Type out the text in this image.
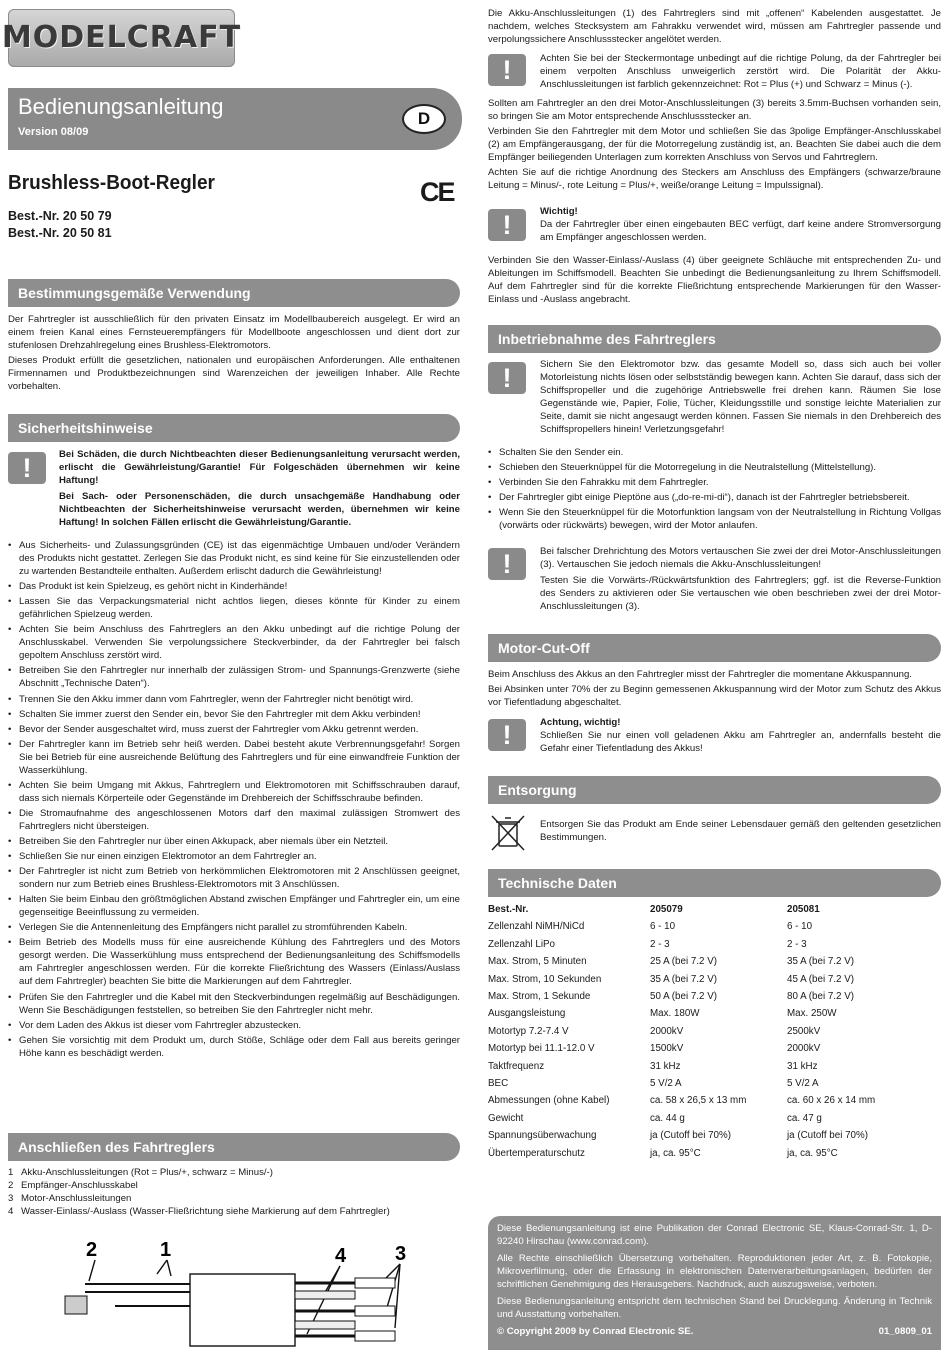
MODELCRAFT
Bedienungsanleitung
Version 08/09
D
Brushless-Boot-Regler
Best.-Nr. 20 50 79
Best.-Nr. 20 50 81
CE
Bestimmungsgemäße Verwendung

Der Fahrtregler ist ausschließlich für den privaten Einsatz im Modellbaubereich ausgelegt. Er wird an einem freien Kanal eines Fernsteuerempfängers für Modellboote angeschlossen und dient dort zur stufenlosen Drehzahlregelung eines Brushless-Elektromotors.

Dieses Produkt erfüllt die gesetzlichen, nationalen und europäischen Anforderungen. Alle enthaltenen Firmennamen und Produktbezeichnungen sind Warenzeichen der jeweiligen Inhaber. Alle Rechte vorbehalten.

Sicherheitshinweise
!	Bei Schäden, die durch Nichtbeachten dieser Bedienungsanleitung verursacht werden, erlischt die Gewährleistung/Garantie! Für Folgeschäden übernehmen wir keine Haftung!

Bei Sach- oder Personenschäden, die durch unsachgemäße Handhabung oder Nichtbeachten der Sicherheitshinweise verursacht werden, übernehmen wir keine Haftung! In solchen Fällen erlischt die Gewährleistung/Garantie.

• Aus Sicherheits- und Zulassungsgründen (CE) ist das eigenmächtige Umbauen und/oder Verändern des Produkts nicht gestattet. Zerlegen Sie das Produkt nicht, es sind keine für Sie einzustellenden oder zu wartenden Bestandteile enthalten. Außerdem erlischt dadurch die Gewährleistung!
• Das Produkt ist kein Spielzeug, es gehört nicht in Kinderhände!
• Lassen Sie das Verpackungsmaterial nicht achtlos liegen, dieses könnte für Kinder zu einem gefährlichen Spielzeug werden.
• Achten Sie beim Anschluss des Fahrtreglers an den Akku unbedingt auf die richtige Polung der Anschlusskabel. Verwenden Sie verpolungssichere Steckverbinder, da der Fahrtregler bei falsch gepoltem Anschluss zerstört wird.
• Betreiben Sie den Fahrtregler nur innerhalb der zulässigen Strom- und Spannungs-Grenzwerte (siehe Abschnitt „Technische Daten“).
• Trennen Sie den Akku immer dann vom Fahrtregler, wenn der Fahrtregler nicht benötigt wird.
• Schalten Sie immer zuerst den Sender ein, bevor Sie den Fahrtregler mit dem Akku verbinden!
• Bevor der Sender ausgeschaltet wird, muss zuerst der Fahrtregler vom Akku getrennt werden.
• Der Fahrtregler kann im Betrieb sehr heiß werden. Dabei besteht akute Verbrennungsgefahr! Sorgen Sie bei Betrieb für eine ausreichende Belüftung des Fahrtreglers und für eine einwandfreie Funktion der Wasserkühlung.
• Achten Sie beim Umgang mit Akkus, Fahrtreglern und Elektromotoren mit Schiffsschrauben darauf, dass sich niemals Körperteile oder Gegenstände im Drehbereich der Schiffsschraube befinden.
• Die Stromaufnahme des angeschlossenen Motors darf den maximal zulässigen Stromwert des Fahrtreglers nicht übersteigen.
• Betreiben Sie den Fahrtregler nur über einen Akkupack, aber niemals über ein Netzteil.
• Schließen Sie nur einen einzigen Elektromotor an dem Fahrtregler an.
• Der Fahrtregler ist nicht zum Betrieb von herkömmlichen Elektromotoren mit 2 Anschlüssen geeignet, sondern nur zum Betrieb eines Brushless-Elektromotors mit 3 Anschlüssen.
• Halten Sie beim Einbau den größtmöglichen Abstand zwischen Empfänger und Fahrtregler ein, um eine gegenseitige Beeinflussung zu vermeiden.
• Verlegen Sie die Antennenleitung des Empfängers nicht parallel zu stromführenden Kabeln.
• Beim Betrieb des Modells muss für eine ausreichende Kühlung des Fahrtreglers und des Motors gesorgt werden. Die Wasserkühlung muss entsprechend der Bedienungsanleitung des Schiffsmodells am Fahrtregler angeschlossen werden. Für die korrekte Fließrichtung des Wassers (Einlass/Auslass auf dem Fahrtregler) beachten Sie bitte die Markierungen auf dem Fahrtregler.
• Prüfen Sie den Fahrtregler und die Kabel mit den Steckverbindungen regelmäßig auf Beschädigungen. Wenn Sie Beschädigungen feststellen, so betreiben Sie den Fahrtregler nicht mehr.
• Vor dem Laden des Akkus ist dieser vom Fahrtregler abzustecken.
• Gehen Sie vorsichtig mit dem Produkt um, durch Stöße, Schläge oder dem Fall aus bereits geringer Höhe kann es beschädigt werden.
Anschließen des Fahrtreglers
1 Akku-Anschlussleitungen (Rot = Plus/+, schwarz = Minus/-)
2 Empfänger-Anschlusskabel
3 Motor-Anschlussleitungen
4 Wasser-Einlass/-Auslass (Wasser-Fließrichtung siehe Markierung auf dem Fahrtregler)
2	1	4 3
Die Akku-Anschlussleitungen (1) des Fahrtreglers sind mit „offenen“ Kabelenden ausgestattet. Je nachdem, welches Stecksystem am Fahrakku verwendet wird, müssen am Fahrtregler passende und verpolungssichere Anschlussstecker angelötet werden.
!	Achten Sie bei der Steckermontage unbedingt auf die richtige Polung, da der Fahrtregler bei einem verpolten Anschluss unweigerlich zerstört wird. Die Polarität der Akku-Anschlussleitungen ist farblich gekennzeichnet: Rot = Plus (+) und Schwarz = Minus (-).

Sollten am Fahrtregler an den drei Motor-Anschlussleitungen (3) bereits 3.5mm-Buchsen vorhanden sein, so bringen Sie am Motor entsprechende Anschlussstecker an.

Verbinden Sie den Fahrtregler mit dem Motor und schließen Sie das 3polige Empfänger-Anschlusskabel (2) am Empfängerausgang, der für die Motorregelung zuständig ist, an. Beachten Sie dabei auch die dem Empfänger beiliegenden Unterlagen zum korrekten Anschluss von Servos und Fahrtreglern.

Achten Sie auf die richtige Anordnung des Steckers am Anschluss des Empfängers (schwarze/braune Leitung = Minus/-, rote Leitung = Plus/+, weiße/orange Leitung = Impulssignal).

!	Wichtig!
Da der Fahrtregler über einen eingebauten BEC verfügt, darf keine andere Stromversorgung am Empfänger angeschlossen werden.
Verbinden Sie den Wasser-Einlass/-Auslass (4) über geeignete Schläuche mit entsprechenden Zu- und Ableitungen im Schiffsmodell. Beachten Sie unbedingt die Bedienungsanleitung zu Ihrem Schiffsmodell. Auf dem Fahrtregler sind für die korrekte Fließrichtung entsprechende Markierungen für den Wasser-Einlass und -Auslass angebracht.
Inbetriebnahme des Fahrtreglers
!	Sichern Sie den Elektromotor bzw. das gesamte Modell so, dass sich auch bei voller Motorleistung nichts lösen oder selbstständig bewegen kann. Achten Sie darauf, dass sich der Schiffspropeller und die zugehörige Antriebswelle frei drehen kann. Räumen Sie lose Gegenstände wie, Papier, Folie, Tücher, Kleidungsstille und sonstige leichte Materialien zur Seite, damit sie nicht angesaugt werden können. Fassen Sie niemals in den Drehbereich des Schiffspropellers hinein! Verletzungsgefahr!
• Schalten Sie den Sender ein.
• Schieben den Steuerknüppel für die Motorregelung in die Neutralstellung (Mittelstellung).
• Verbinden Sie den Fahrakku mit dem Fahrtregler.
• Der Fahrtregler gibt einige Pieptöne aus („do-re-mi-di“), danach ist der Fahrtregler betriebsbereit.
• Wenn Sie den Steuerknüppel für die Motorfunktion langsam von der Neutralstellung in Richtung Vollgas (vorwärts oder rückwärts) bewegen, wird der Motor anlaufen.
!	Bei falscher Drehrichtung des Motors vertauschen Sie zwei der drei Motor-Anschlussleitungen (3). Vertauschen Sie jedoch niemals die Akku-Anschlussleitungen!

Testen Sie die Vorwärts-/Rückwärtsfunktion des Fahrtreglers; ggf. ist die Reverse-Funktion des Senders zu aktivieren oder Sie vertauschen wie oben beschrieben zwei der drei Motor-Anschlussleitungen (3).

Motor-Cut-Off

Beim Anschluss des Akkus an den Fahrtregler misst der Fahrtregler die momentane Akkuspannung.

Bei Absinken unter 70% der zu Beginn gemessenen Akkuspannung wird der Motor zum Schutz des Akkus vor Tiefentladung abgeschaltet.

!	Achtung, wichtig!
Schließen Sie nur einen voll geladenen Akku am Fahrtregler an, andernfalls besteht die Gefahr einer Tiefentladung des Akkus!
Entsorgung
Entsorgen Sie das Produkt am Ende seiner Lebensdauer gemäß den geltenden gesetzlichen Bestimmungen.
Technische Daten
Best.-Nr.	205079	205081
Zellenzahl NiMH/NiCd	6 - 10	6 - 10
Zellenzahl LiPo	2 - 3	2 - 3
Max. Strom, 5 Minuten	25 A (bei 7.2 V)	35 A (bei 7.2 V)
Max. Strom, 10 Sekunden	35 A (bei 7.2 V)	45 A (bei 7.2 V)
Max. Strom, 1 Sekunde	50 A (bei 7.2 V)	80 A (bei 7.2 V)
Ausgangsleistung	Max. 180W	Max. 250W
Motortyp 7.2-7.4 V	2000kV	2500kV
Motortyp bei 11.1-12.0 V	1500kV	2000kV
Taktfrequenz	31 kHz	31 kHz
BEC	5 V/2 A	5 V/2 A
Abmessungen (ohne Kabel)	ca. 58 x 26,5 x 13 mm	ca. 60 x 26 x 14 mm
Gewicht	ca. 44 g	ca. 47 g
Spannungsüberwachung	ja (Cutoff bei 70%)	ja (Cutoff bei 70%)
Übertemperaturschutz	ja, ca. 95°C	ja, ca. 95°C

Diese Bedienungsanleitung ist eine Publikation der Conrad Electronic SE, Klaus-Conrad-Str. 1, D-92240 Hirschau (www.conrad.com).

Alle Rechte einschließlich Übersetzung vorbehalten. Reproduktionen jeder Art, z. B. Fotokopie, Mikroverfilmung, oder die Erfassung in elektronischen Datenverarbeitungsanlagen, bedürfen der schriftlichen Genehmigung des Herausgebers. Nachdruck, auch auszugsweise, verboten.

Diese Bedienungsanleitung entspricht dem technischen Stand bei Drucklegung. Änderung in Technik und Ausstattung vorbehalten.

© Copyright 2009 by Conrad Electronic SE.	01_0809_01
